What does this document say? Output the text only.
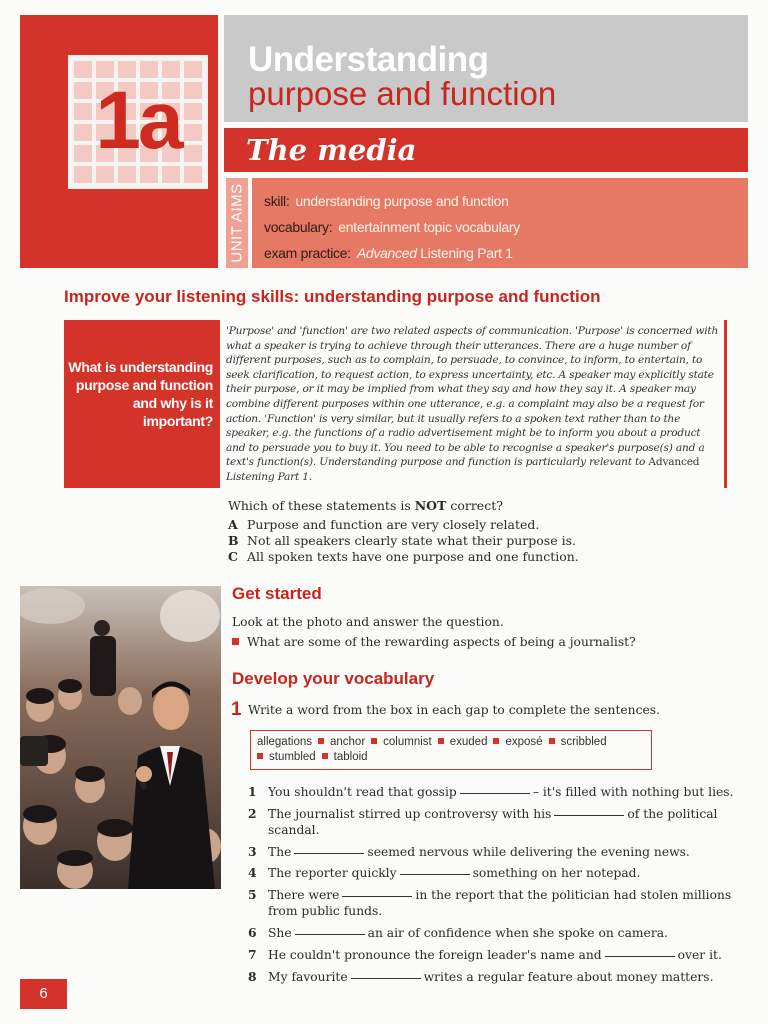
1a
Understanding
purpose and function
The media
UNIT AIMS skill: understanding purpose and function
vocabulary: entertainment topic vocabulary
exam practice: Advanced Listening Part 1
Improve your listening skills: understanding purpose and function
What is understanding purpose and function and why is it important?
'Purpose' and 'function' are two related aspects of communication. 'Purpose' is concerned with what a speaker is trying to achieve through their utterances. There are a huge number of different purposes, such as to complain, to persuade, to convince, to inform, to entertain, to seek clarification, to request action, to express uncertainty, etc. A speaker may explicitly state their purpose, or it may be implied from what they say and how they say it. A speaker may combine different purposes within one utterance, e.g. a complaint may also be a request for action. 'Function' is very similar, but it usually refers to a spoken text rather than to the speaker, e.g. the functions of a radio advertisement might be to inform you about a product and to persuade you to buy it. You need to be able to recognise a speaker's purpose(s) and a text's function(s). Understanding purpose and function is particularly relevant to Advanced Listening Part 1.
Which of these statements is NOT correct?
A Purpose and function are very closely related.
B Not all speakers clearly state what their purpose is.
C All spoken texts have one purpose and one function.
Get started
Look at the photo and answer the question.
What are some of the rewarding aspects of being a journalist?
Develop your vocabulary
1 Write a word from the box in each gap to complete the sentences.
allegations anchor columnist exuded exposé scribbled
stumbled tabloid
1 You shouldn't read that gossip	– it's filled with nothing but lies.
2 The journalist stirred up controversy with his	of the political scandal.
3 The	seemed nervous while delivering the evening news.
4 The reporter quickly	something on her notepad.
5 There were	in the report that the politician had stolen millions from public funds.
6 She	an air of confidence when she spoke on camera.
7 He couldn't pronounce the foreign leader's name and	over it.
8 My favourite	writes a regular feature about money matters.
6
